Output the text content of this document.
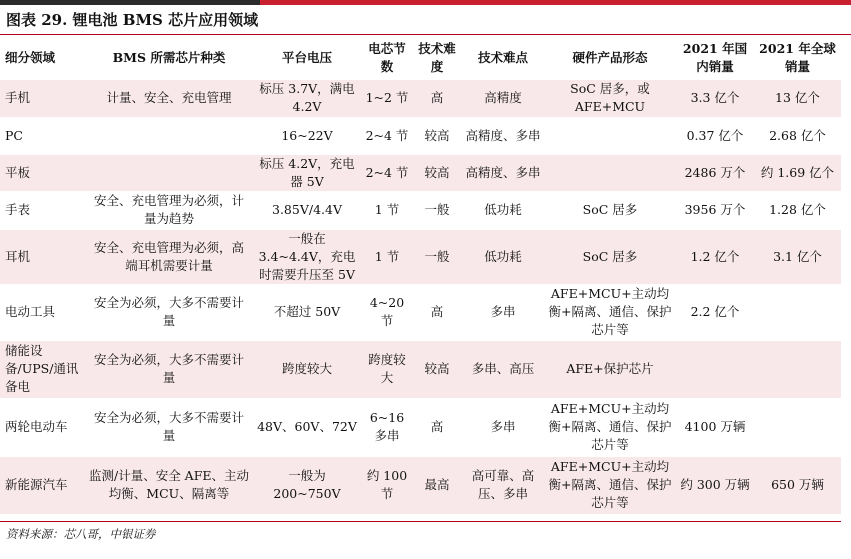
图表 29. 锂电池 BMS 芯片应用领域
细分领域	BMS 所需芯片种类	平台电压	电芯节数	技术难度	技术难点	硬件产品形态	2021 年国内销量	2021 年全球销量
手机	计量、安全、充电管理	标压 3.7V，满电 4.2V	1~2 节	高	高精度	SoC 居多，或 AFE+MCU	3.3 亿个	13 亿个
PC		16~22V	2~4 节	较高	高精度、多串		0.37 亿个	2.68 亿个
平板		标压 4.2V，充电器 5V	2~4 节	较高	高精度、多串		2486 万个	约 1.69 亿个
手表	安全、充电管理为必须，计量为趋势	3.85V/4.4V	1 节	一般	低功耗	SoC 居多	3956 万个	1.28 亿个
耳机	安全、充电管理为必须，高端耳机需要计量	一般在 3.4~4.4V，充电时需要升压至 5V	1 节	一般	低功耗	SoC 居多	1.2 亿个	3.1 亿个
电动工具	安全为必须，大多不需要计量	不超过 50V	4~20 节	高	多串	AFE+MCU+主动均衡+隔离、通信、保护芯片等	2.2 亿个	
储能设备/UPS/通讯备电	安全为必须，大多不需要计量	跨度较大	跨度较大	较高	多串、高压	AFE+保护芯片		
两轮电动车	安全为必须，大多不需要计量	48V、60V、72V	6~16 多串	高	多串	AFE+MCU+主动均衡+隔离、通信、保护芯片等	4100 万辆	
新能源汽车	监测/计量、安全 AFE、主动均衡、MCU、隔离等	一般为 200~750V	约 100 节	最高	高可靠、高压、多串	AFE+MCU+主动均衡+隔离、通信、保护芯片等	约 300 万辆	650 万辆
资料来源：芯八哥，中银证券
